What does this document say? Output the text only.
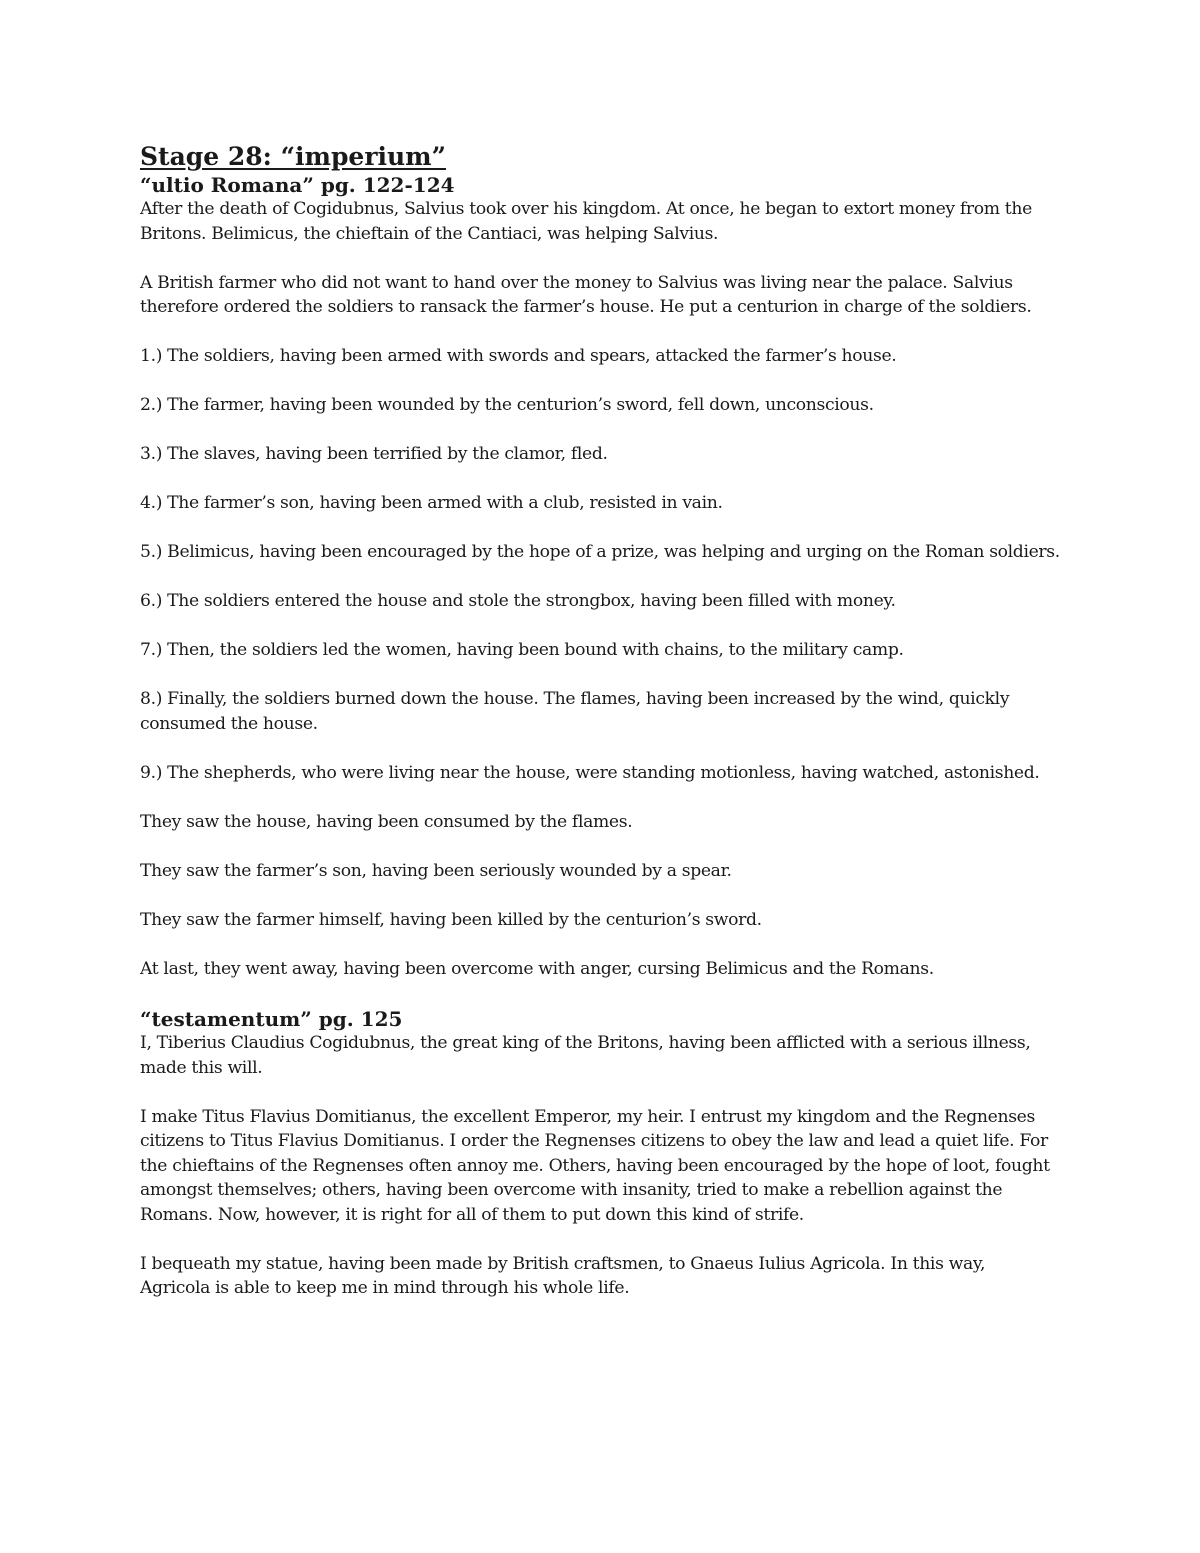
Stage 28: “imperium”
“ultio Romana” pg. 122-124

After the death of Cogidubnus, Salvius took over his kingdom. At once, he began to extort money from the Britons. Belimicus, the chieftain of the Cantiaci, was helping Salvius.

A British farmer who did not want to hand over the money to Salvius was living near the palace. Salvius therefore ordered the soldiers to ransack the farmer’s house. He put a centurion in charge of the soldiers.

1.) The soldiers, having been armed with swords and spears, attacked the farmer’s house.

2.) The farmer, having been wounded by the centurion’s sword, fell down, unconscious.

3.) The slaves, having been terrified by the clamor, fled.

4.) The farmer’s son, having been armed with a club, resisted in vain.

5.) Belimicus, having been encouraged by the hope of a prize, was helping and urging on the Roman soldiers.

6.) The soldiers entered the house and stole the strongbox, having been filled with money.

7.) Then, the soldiers led the women, having been bound with chains, to the military camp.

8.) Finally, the soldiers burned down the house. The flames, having been increased by the wind, quickly consumed the house.

9.) The shepherds, who were living near the house, were standing motionless, having watched, astonished.

They saw the house, having been consumed by the flames.

They saw the farmer’s son, having been seriously wounded by a spear.

They saw the farmer himself, having been killed by the centurion’s sword.

At last, they went away, having been overcome with anger, cursing Belimicus and the Romans.

“testamentum” pg. 125

I, Tiberius Claudius Cogidubnus, the great king of the Britons, having been afflicted with a serious illness, made this will.

I make Titus Flavius Domitianus, the excellent Emperor, my heir. I entrust my kingdom and the Regnenses citizens to Titus Flavius Domitianus. I order the Regnenses citizens to obey the law and lead a quiet life. For the chieftains of the Regnenses often annoy me. Others, having been encouraged by the hope of loot, fought amongst themselves; others, having been overcome with insanity, tried to make a rebellion against the Romans. Now, however, it is right for all of them to put down this kind of strife.

I bequeath my statue, having been made by British craftsmen, to Gnaeus Iulius Agricola. In this way, Agricola is able to keep me in mind through his whole life.
